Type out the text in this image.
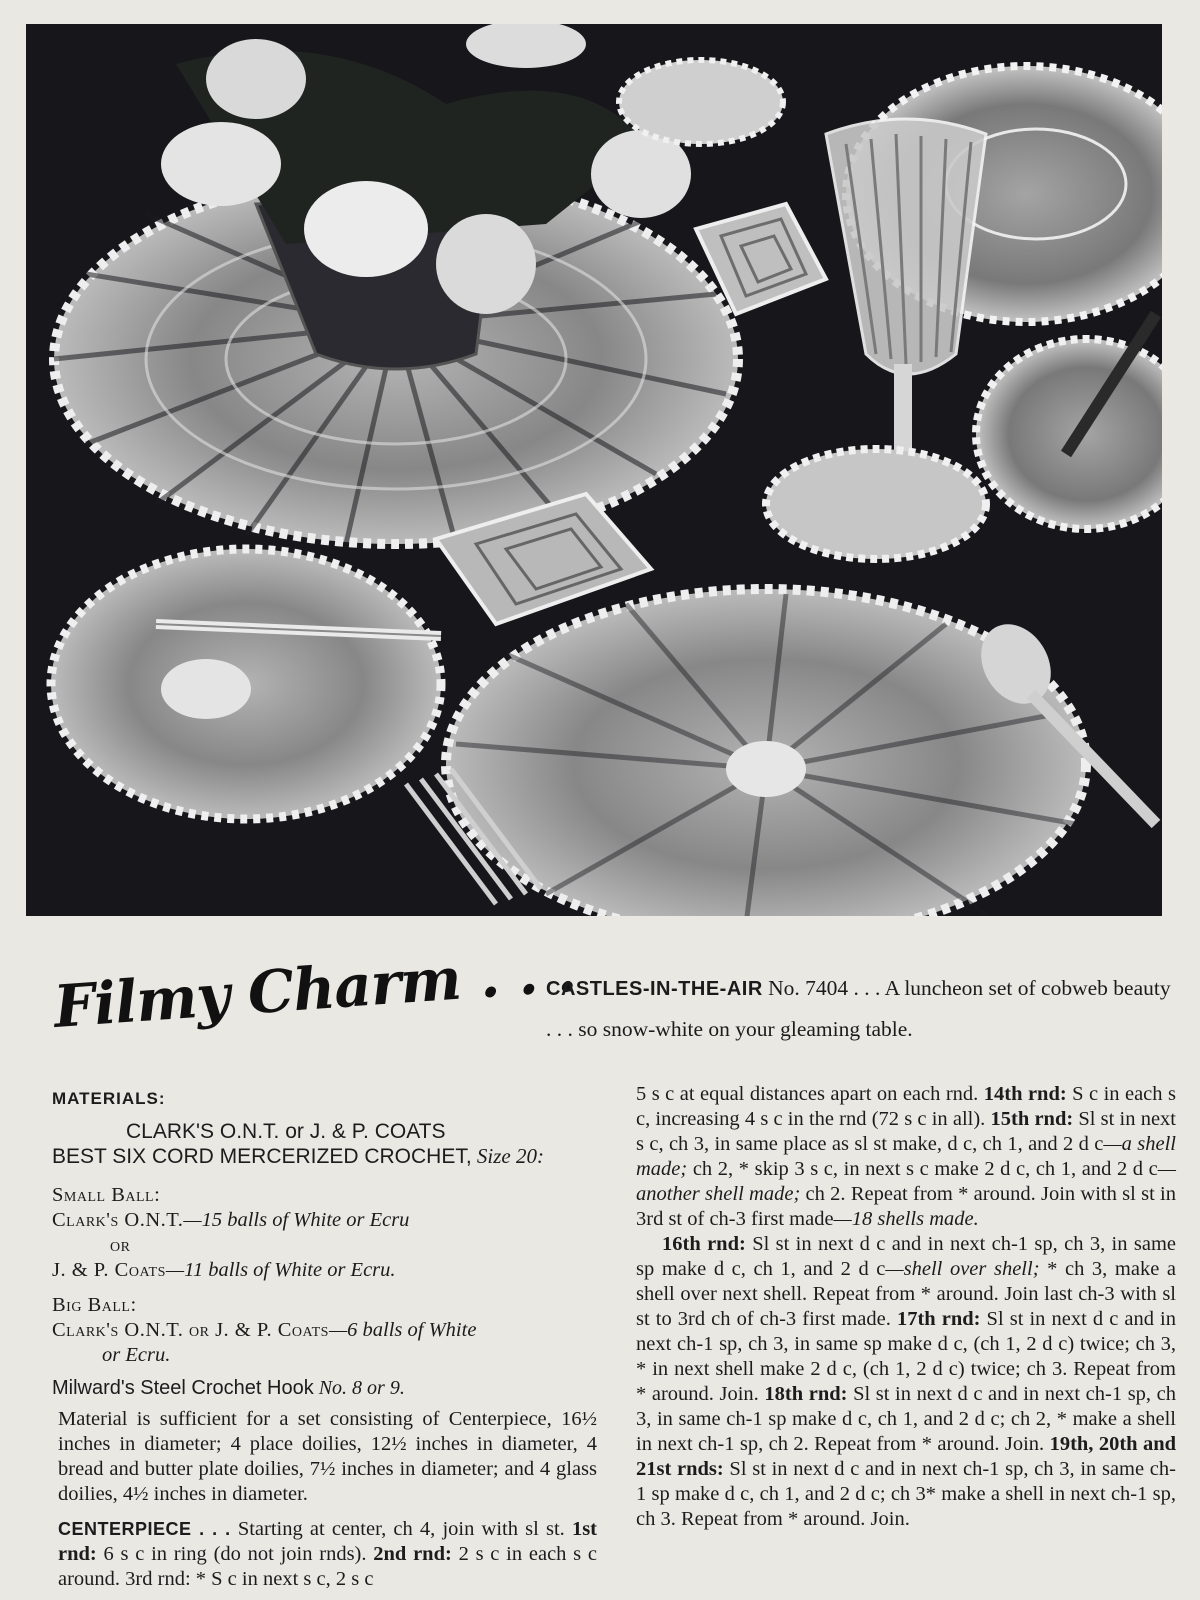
Filmy Charm . . .
CASTLES-IN-THE-AIR No. 7404 . . . A luncheon set of cobweb beauty . . . so snow-white on your gleaming table.
MATERIALS:
CLARK'S O.N.T. or J. & P. COATS
BEST SIX CORD MERCERIZED CROCHET, Size 20:
Small Ball:
Clark's O.N.T.—15 balls of White or Ecru
or
J. & P. Coats—11 balls of White or Ecru.
Big Ball:
Clark's O.N.T. or J. & P. Coats—6 balls of White
or Ecru.
Milward's Steel Crochet Hook No. 8 or 9.
Material is sufficient for a set consisting of Centerpiece, 16½ inches in diameter; 4 place doilies, 12½ inches in diameter, 4 bread and butter plate doilies, 7½ inches in diameter; and 4 glass doilies, 4½ inches in diameter.
CENTERPIECE . . . Starting at center, ch 4, join with sl st. 1st rnd: 6 s c in ring (do not join rnds). 2nd rnd: 2 s c in each s c around. 3rd rnd: * S c in next s c, 2 s c
5 s c at equal distances apart on each rnd. 14th rnd: S c in each s c, increasing 4 s c in the rnd (72 s c in all). 15th rnd: Sl st in next s c, ch 3, in same place as sl st make, d c, ch 1, and 2 d c—a shell made; ch 2, * skip 3 s c, in next s c make 2 d c, ch 1, and 2 d c—another shell made; ch 2. Repeat from * around. Join with sl st in 3rd st of ch-3 first made—18 shells made.
16th rnd: Sl st in next d c and in next ch-1 sp, ch 3, in same sp make d c, ch 1, and 2 d c—shell over shell; * ch 3, make a shell over next shell. Repeat from * around. Join last ch-3 with sl st to 3rd ch of ch-3 first made. 17th rnd: Sl st in next d c and in next ch-1 sp, ch 3, in same sp make d c, (ch 1, 2 d c) twice; ch 3, * in next shell make 2 d c, (ch 1, 2 d c) twice; ch 3. Repeat from * around. Join. 18th rnd: Sl st in next d c and in next ch-1 sp, ch 3, in same ch-1 sp make d c, ch 1, and 2 d c; ch 2, * make a shell in next ch-1 sp, ch 2. Repeat from * around. Join. 19th, 20th and 21st rnds: Sl st in next d c and in next ch-1 sp, ch 3, in same ch-1 sp make d c, ch 1, and 2 d c; ch 3* make a shell in next ch-1 sp, ch 3. Repeat from * around. Join.
